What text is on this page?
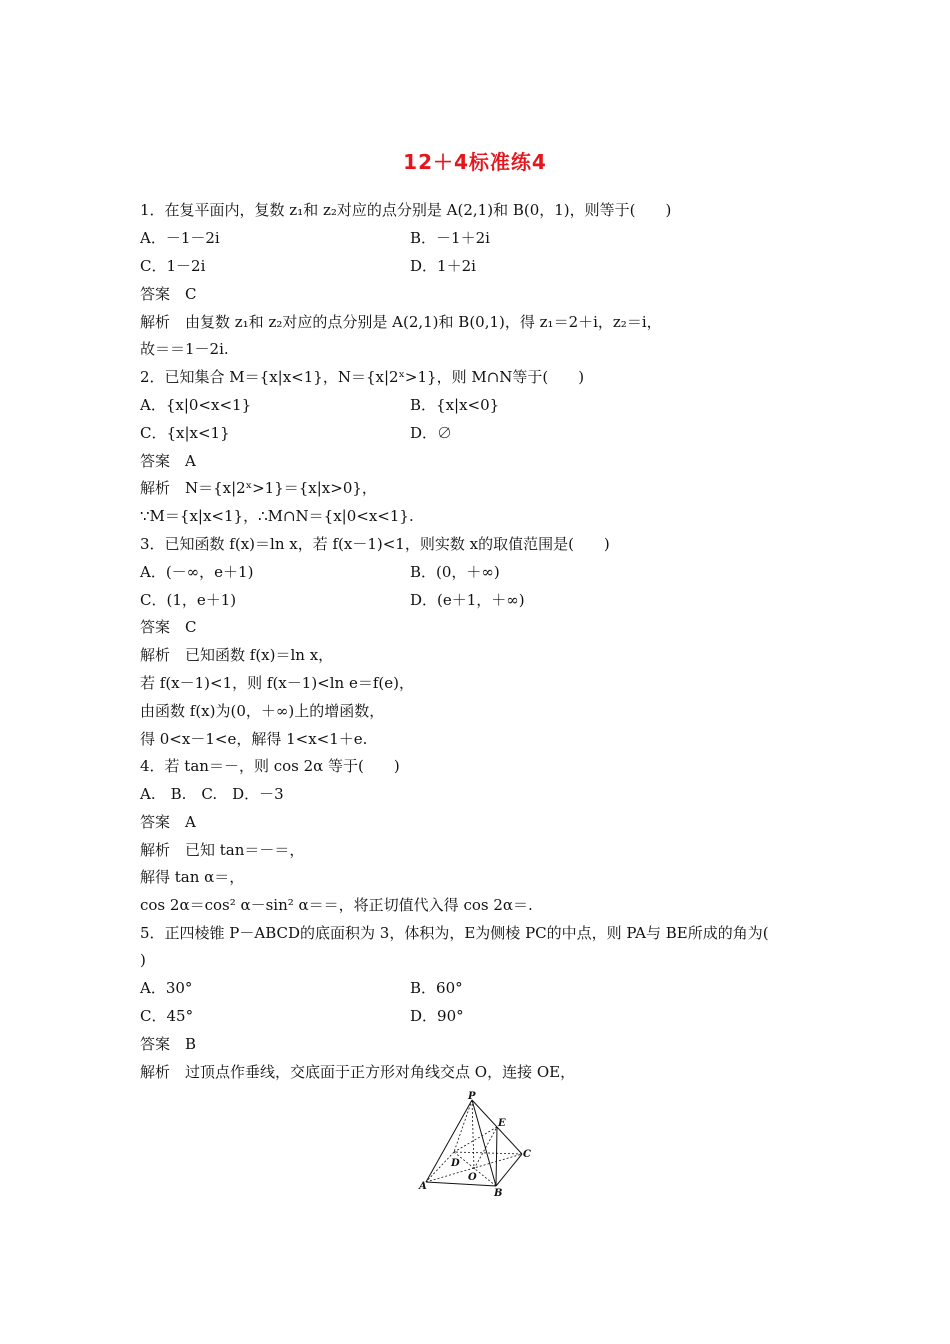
12＋4标准练4
1．在复平面内，复数 z₁和 z₂对应的点分别是 A(2,1)和 B(0，1)，则等于(　　)
A．－1－2i	B．－1＋2i
C．1－2i	D．1＋2i
答案　C
解析　由复数 z₁和 z₂对应的点分别是 A(2,1)和 B(0,1)，得 z₁＝2＋i，z₂＝i，
故＝＝1－2i.
2．已知集合 M＝{x|x<1}，N＝{x|2ˣ>1}，则 M∩N等于(　　)
A．{x|0<x<1}	B．{x|x<0}
C．{x|x<1}	D．∅
答案　A
解析　N＝{x|2ˣ>1}＝{x|x>0}，
∵M＝{x|x<1}，∴M∩N＝{x|0<x<1}.
3．已知函数 f(x)＝ln x，若 f(x－1)<1，则实数 x的取值范围是(　　)
A．(－∞，e＋1)	B．(0，＋∞)
C．(1，e＋1)	D．(e＋1，＋∞)
答案　C
解析　已知函数 f(x)＝ln x，
若 f(x－1)<1，则 f(x－1)<ln e＝f(e)，
由函数 f(x)为(0，＋∞)上的增函数，
得 0<x－1<e，解得 1<x<1＋e.
4．若 tan＝－，则 cos 2α 等于(　　)
A.　B.　C.　D．－3
答案　A
解析　已知 tan＝－＝，
解得 tan α＝，
cos 2α＝cos² α－sin² α＝＝，将正切值代入得 cos 2α＝.
5．正四棱锥 P－ABCD的底面积为 3，体积为，E为侧棱 PC的中点，则 PA与 BE所成的角为(
)
A．30°	B．60°
C．45°	D．90°
答案　B
解析　过顶点作垂线，交底面于正方形对角线交点 O，连接 OE，
P
E
C
D
O
A
B
